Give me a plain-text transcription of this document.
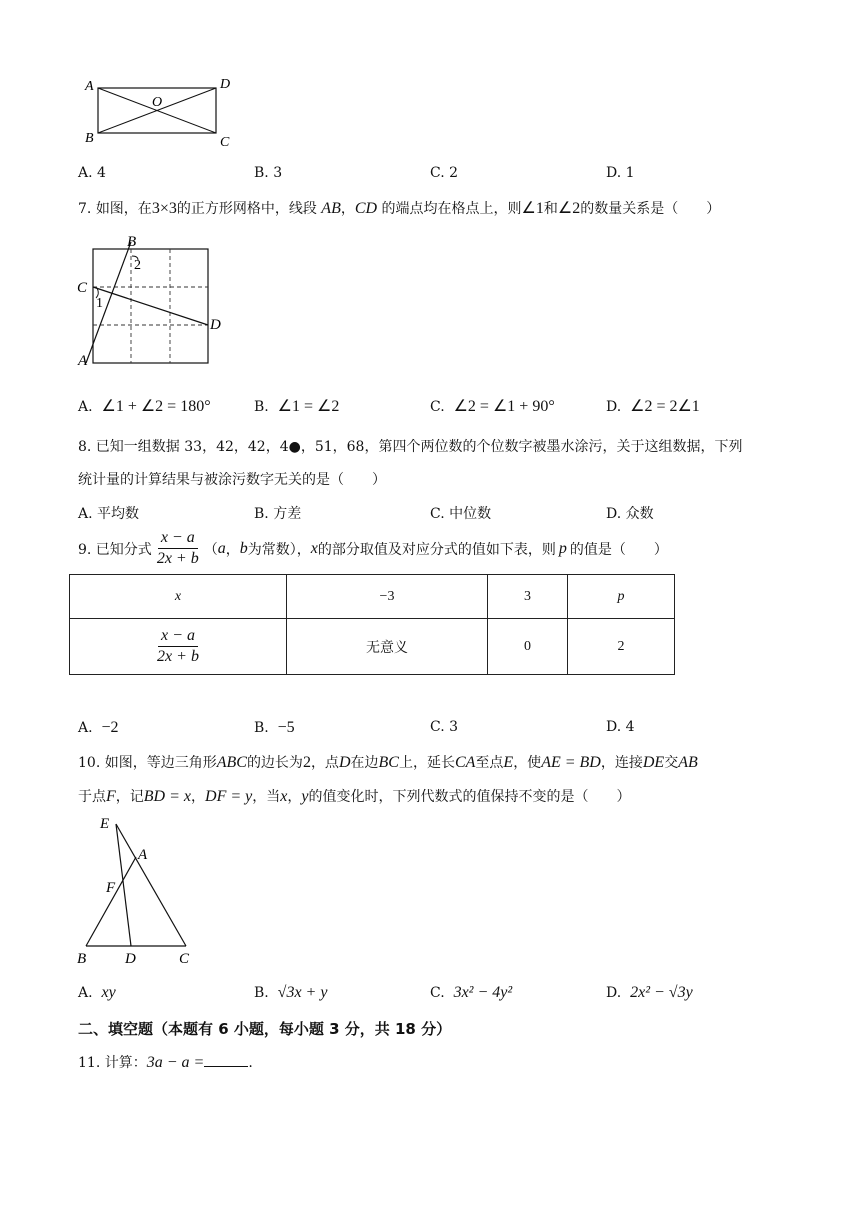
A	D
O
B	C
A. 4	B. 3	C. 2	D. 1
7. 如图，在3×3的正方形网格中，线段 AB，CD 的端点均在格点上，则∠1和∠2的数量关系是（　　）
B
2
C
1
D
A
A. ∠1 + ∠2 = 180°	B. ∠1 = ∠2	C. ∠2 = ∠1 + 90°	D. ∠2 = 2∠1
8. 已知一组数据 33，42，42，4●，51，68，第四个两位数的个位数字被墨水涂污，关于这组数据，下列
统计量的计算结果与被涂污数字无关的是（　　）
A. 平均数	B. 方差	C. 中位数	D. 众数
9. 已知分式 $\frac{x - a}{2x + b}$ （ a ， b 为常数）， x 的部分取值及对应分式的值如下表，则 p 的值是（　　）
x	−3	3	p

$\frac{x - a}{2x + b}$	无意义	0	2
A. −2	B. −5	C. 3	D. 4
10. 如图，等边三角形ABC的边长为2，点D在边BC上，延长CA至点E，使AE = BD，连接DE交AB
于点F，记BD = x，DF = y，当x，y的值变化时，下列代数式的值保持不变的是（　　）
E
A
F
B	D	C
A. xy	B. √3x + y	C. 3x² − 4y²	D. 2x² − √3y
二、填空题（本题有 6 小题，每小题 3 分，共 18 分）
11. 计算：3a − a =	.
